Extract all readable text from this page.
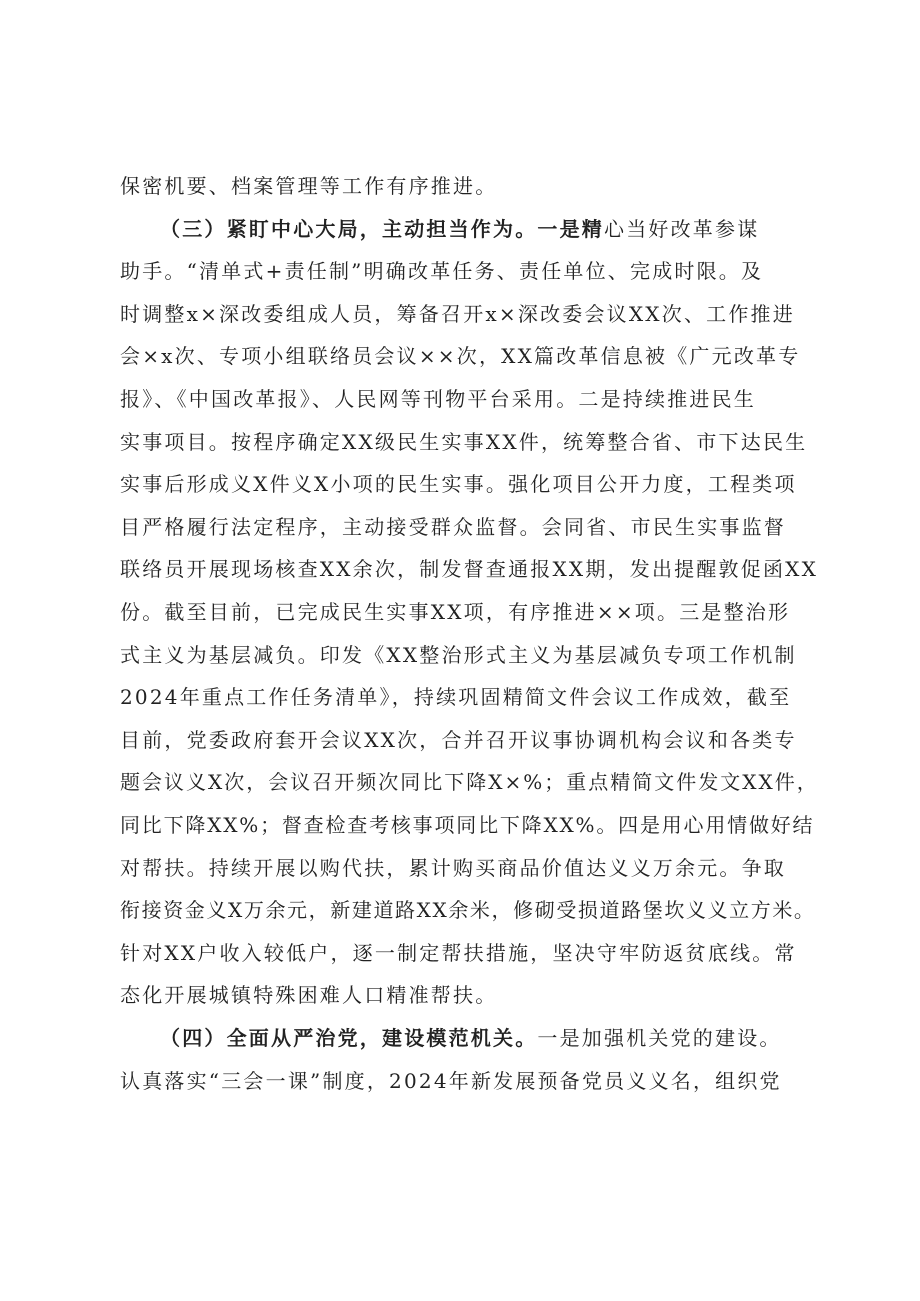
保密机要、档案管理等工作有序推进。
（三）紧盯中心大局，主动担当作为。一是精心当好改革参谋
助手。“清单式+责任制”明确改革任务、责任单位、完成时限。及
时调整x×深改委组成人员，筹备召开x×深改委会议ⅩX次、工作推进
会×x次、专项小组联络员会议××次，XX篇改革信息被《广元改革专
报》、《中国改革报》、人民网等刊物平台采用。二是持续推进民生
实事项目。按程序确定XX级民生实事XX件，统筹整合省、市下达民生
实事后形成义X件义X小项的民生实事。强化项目公开力度，工程类项
目严格履行法定程序，主动接受群众监督。会同省、市民生实事监督
联络员开展现场核查XX余次，制发督查通报XX期，发出提醒敦促函XX
份。截至目前，已完成民生实事XX项，有序推进××项。三是整治形
式主义为基层减负。印发《XX整治形式主义为基层减负专项工作机制
2024年重点工作任务清单》，持续巩固精简文件会议工作成效，截至
目前，党委政府套开会议XX次，合并召开议事协调机构会议和各类专
题会议义X次，会议召开频次同比下降X×%；重点精简文件发文XX件，
同比下降XX%；督查检查考核事项同比下降XX%。四是用心用情做好结
对帮扶。持续开展以购代扶，累计购买商品价值达义义万余元。争取
衔接资金义X万余元，新建道路XX余米，修砌受损道路堡坎义义立方米。
针对XX户收入较低户，逐一制定帮扶措施，坚决守牢防返贫底线。常
态化开展城镇特殊困难人口精准帮扶。
（四）全面从严治党，建设模范机关。一是加强机关党的建设。
认真落实“三会一课”制度，2024年新发展预备党员义义名，组织党
